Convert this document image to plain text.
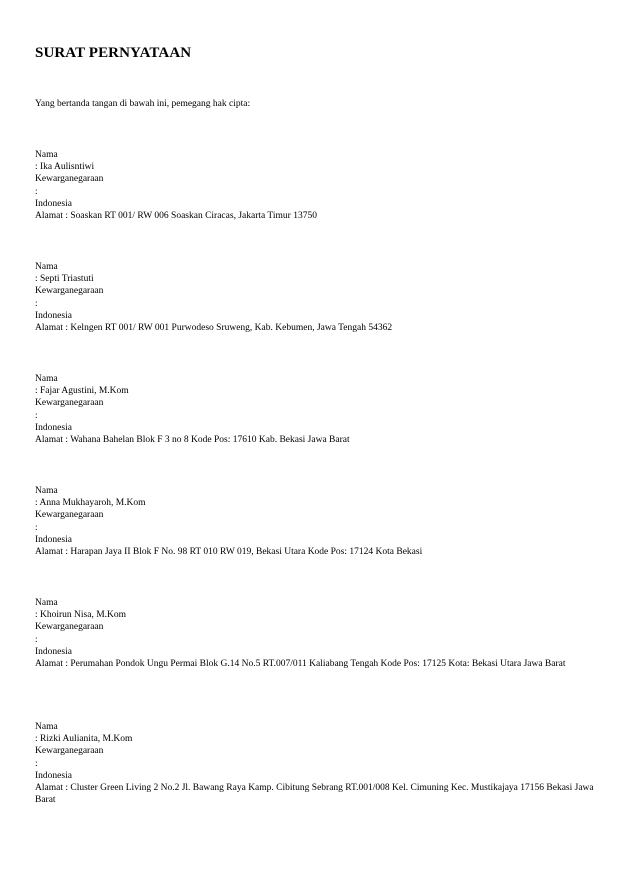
SURAT PERNYATAAN
Yang bertanda tangan di bawah ini, pemegang hak cipta:
Nama
: Ika Aulisntiwi
Kewarganegaraan
:
Indonesia
Alamat : Soaskan RT 001/ RW 006 Soaskan Ciracas, Jakarta Timur 13750
Nama
: Septi Triastuti
Kewarganegaraan
:
Indonesia
Alamat : Kelngen RT 001/ RW 001 Purwodeso Sruweng, Kab. Kebumen, Jawa Tengah 54362
Nama
: Fajar Agustini, M.Kom
Kewarganegaraan
:
Indonesia
Alamat : Wahana Bahelan Blok F 3 no 8 Kode Pos: 17610 Kab. Bekasi Jawa Barat
Nama
: Anna Mukhayaroh, M.Kom
Kewarganegaraan
:
Indonesia
Alamat : Harapan Jaya II Blok F No. 98 RT 010 RW 019, Bekasi Utara Kode Pos: 17124 Kota Bekasi
Nama
: Khoirun Nisa, M.Kom
Kewarganegaraan
:
Indonesia
Alamat : Perumahan Pondok Ungu Permai Blok G.14 No.5 RT.007/011 Kaliabang Tengah Kode Pos: 17125 Kota: Bekasi Utara Jawa Barat
Nama
: Rizki Aulianita, M.Kom
Kewarganegaraan
:
Indonesia
Alamat : Cluster Green Living 2 No.2 Jl. Bawang Raya Kamp. Cibitung Sebrang RT.001/008 Kel. Cimuning Kec. Mustikajaya 17156 Bekasi Jawa Barat
